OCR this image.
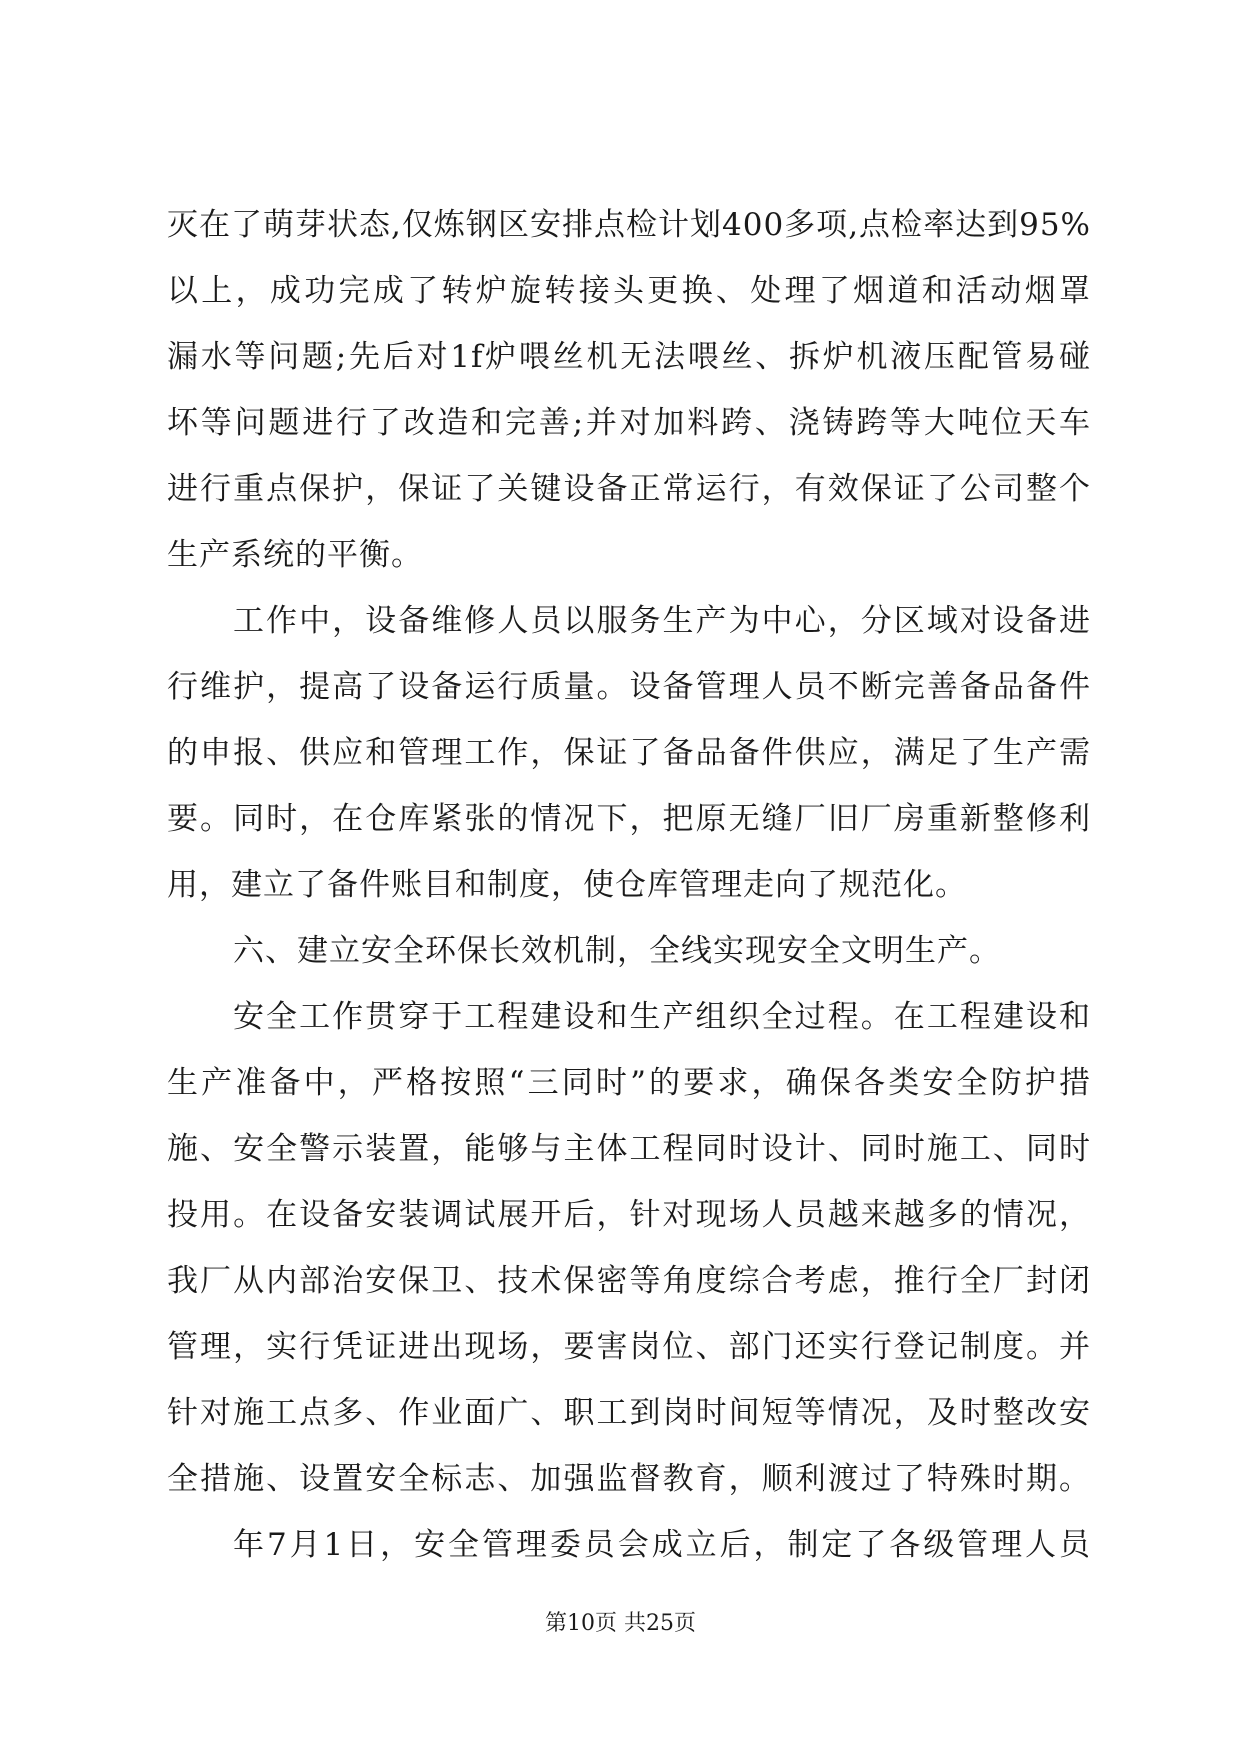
灭在了萌芽状态,仅炼钢区安排点检计划400多项,点检率达到95%
以上，成功完成了转炉旋转接头更换、处理了烟道和活动烟罩
漏水等问题;先后对1f炉喂丝机无法喂丝、拆炉机液压配管易碰
坏等问题进行了改造和完善;并对加料跨、浇铸跨等大吨位天车
进行重点保护，保证了关键设备正常运行，有效保证了公司整个
生产系统的平衡。
工作中，设备维修人员以服务生产为中心，分区域对设备进
行维护，提高了设备运行质量。设备管理人员不断完善备品备件
的申报、供应和管理工作，保证了备品备件供应，满足了生产需
要。同时，在仓库紧张的情况下，把原无缝厂旧厂房重新整修利
用，建立了备件账目和制度，使仓库管理走向了规范化。
六、建立安全环保长效机制，全线实现安全文明生产。
安全工作贯穿于工程建设和生产组织全过程。在工程建设和
生产准备中，严格按照“三同时”的要求，确保各类安全防护措
施、安全警示装置，能够与主体工程同时设计、同时施工、同时
投用。在设备安装调试展开后，针对现场人员越来越多的情况，
我厂从内部治安保卫、技术保密等角度综合考虑，推行全厂封闭
管理，实行凭证进出现场，要害岗位、部门还实行登记制度。并
针对施工点多、作业面广、职工到岗时间短等情况，及时整改安
全措施、设置安全标志、加强监督教育，顺利渡过了特殊时期。
年7月1日，安全管理委员会成立后，制定了各级管理人员
第10页 共25页
